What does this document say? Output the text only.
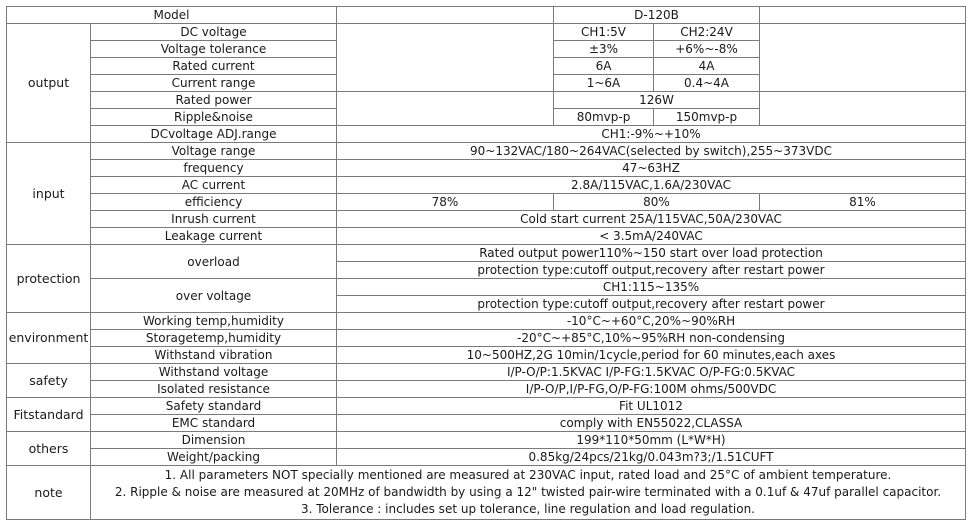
Model			D-120B		
output	DC voltage		CH1:5V	CH2:24V	
	Voltage tolerance		±3%	+6%~-8%	
	Rated current		6A	4A	
	Current range		1~6A	0.4~4A	
	Rated power		126W		
	Ripple&noise		80mvp-p	150mvp-p	
	DCvoltage ADJ.range	CH1:-9%~+10%			
input	Voltage range	90~132VAC/180~264VAC(selected by switch),255~373VDC			
	frequency	47~63HZ			
	AC current	2.8A/115VAC,1.6A/230VAC			
	efficiency	78%	80%		81%
	Inrush current	Cold start current 25A/115VAC,50A/230VAC			
	Leakage current	< 3.5mA/240VAC			
protection	overload	Rated output power110%~150 start over load protection			
		protection type:cutoff output,recovery after restart power			
	over voltage	CH1:115~135%			
		protection type:cutoff output,recovery after restart power			
environment	Working temp,humidity	-10°C~+60°C,20%~90%RH			
	Storagetemp,humidity	-20°C~+85°C,10%~95%RH non-condensing			
	Withstand vibration	10~500HZ,2G 10min/1cycle,period for 60 minutes,each axes			
safety	Withstand voltage	I/P-O/P:1.5KVAC I/P-FG:1.5KVAC O/P-FG:0.5KVAC			
	Isolated resistance	I/P-O/P,I/P-FG,O/P-FG:100M ohms/500VDC			
Fitstandard	Safety standard	Fit UL1012			
	EMC standard	comply with EN55022,CLASSA			
others	Dimension	199*110*50mm (L*W*H)			
	Weight/packing	0.85kg/24pcs/21kg/0.043m?3;/1.51CUFT			
note	1. All parameters NOT specially mentioned are measured at 230VAC input, rated load and 25°C of ambient temperature.
2. Ripple & noise are measured at 20MHz of bandwidth by using a 12" twisted pair-wire terminated with a 0.1uf & 47uf parallel capacitor.
3. Tolerance : includes set up tolerance, line regulation and load regulation.				
